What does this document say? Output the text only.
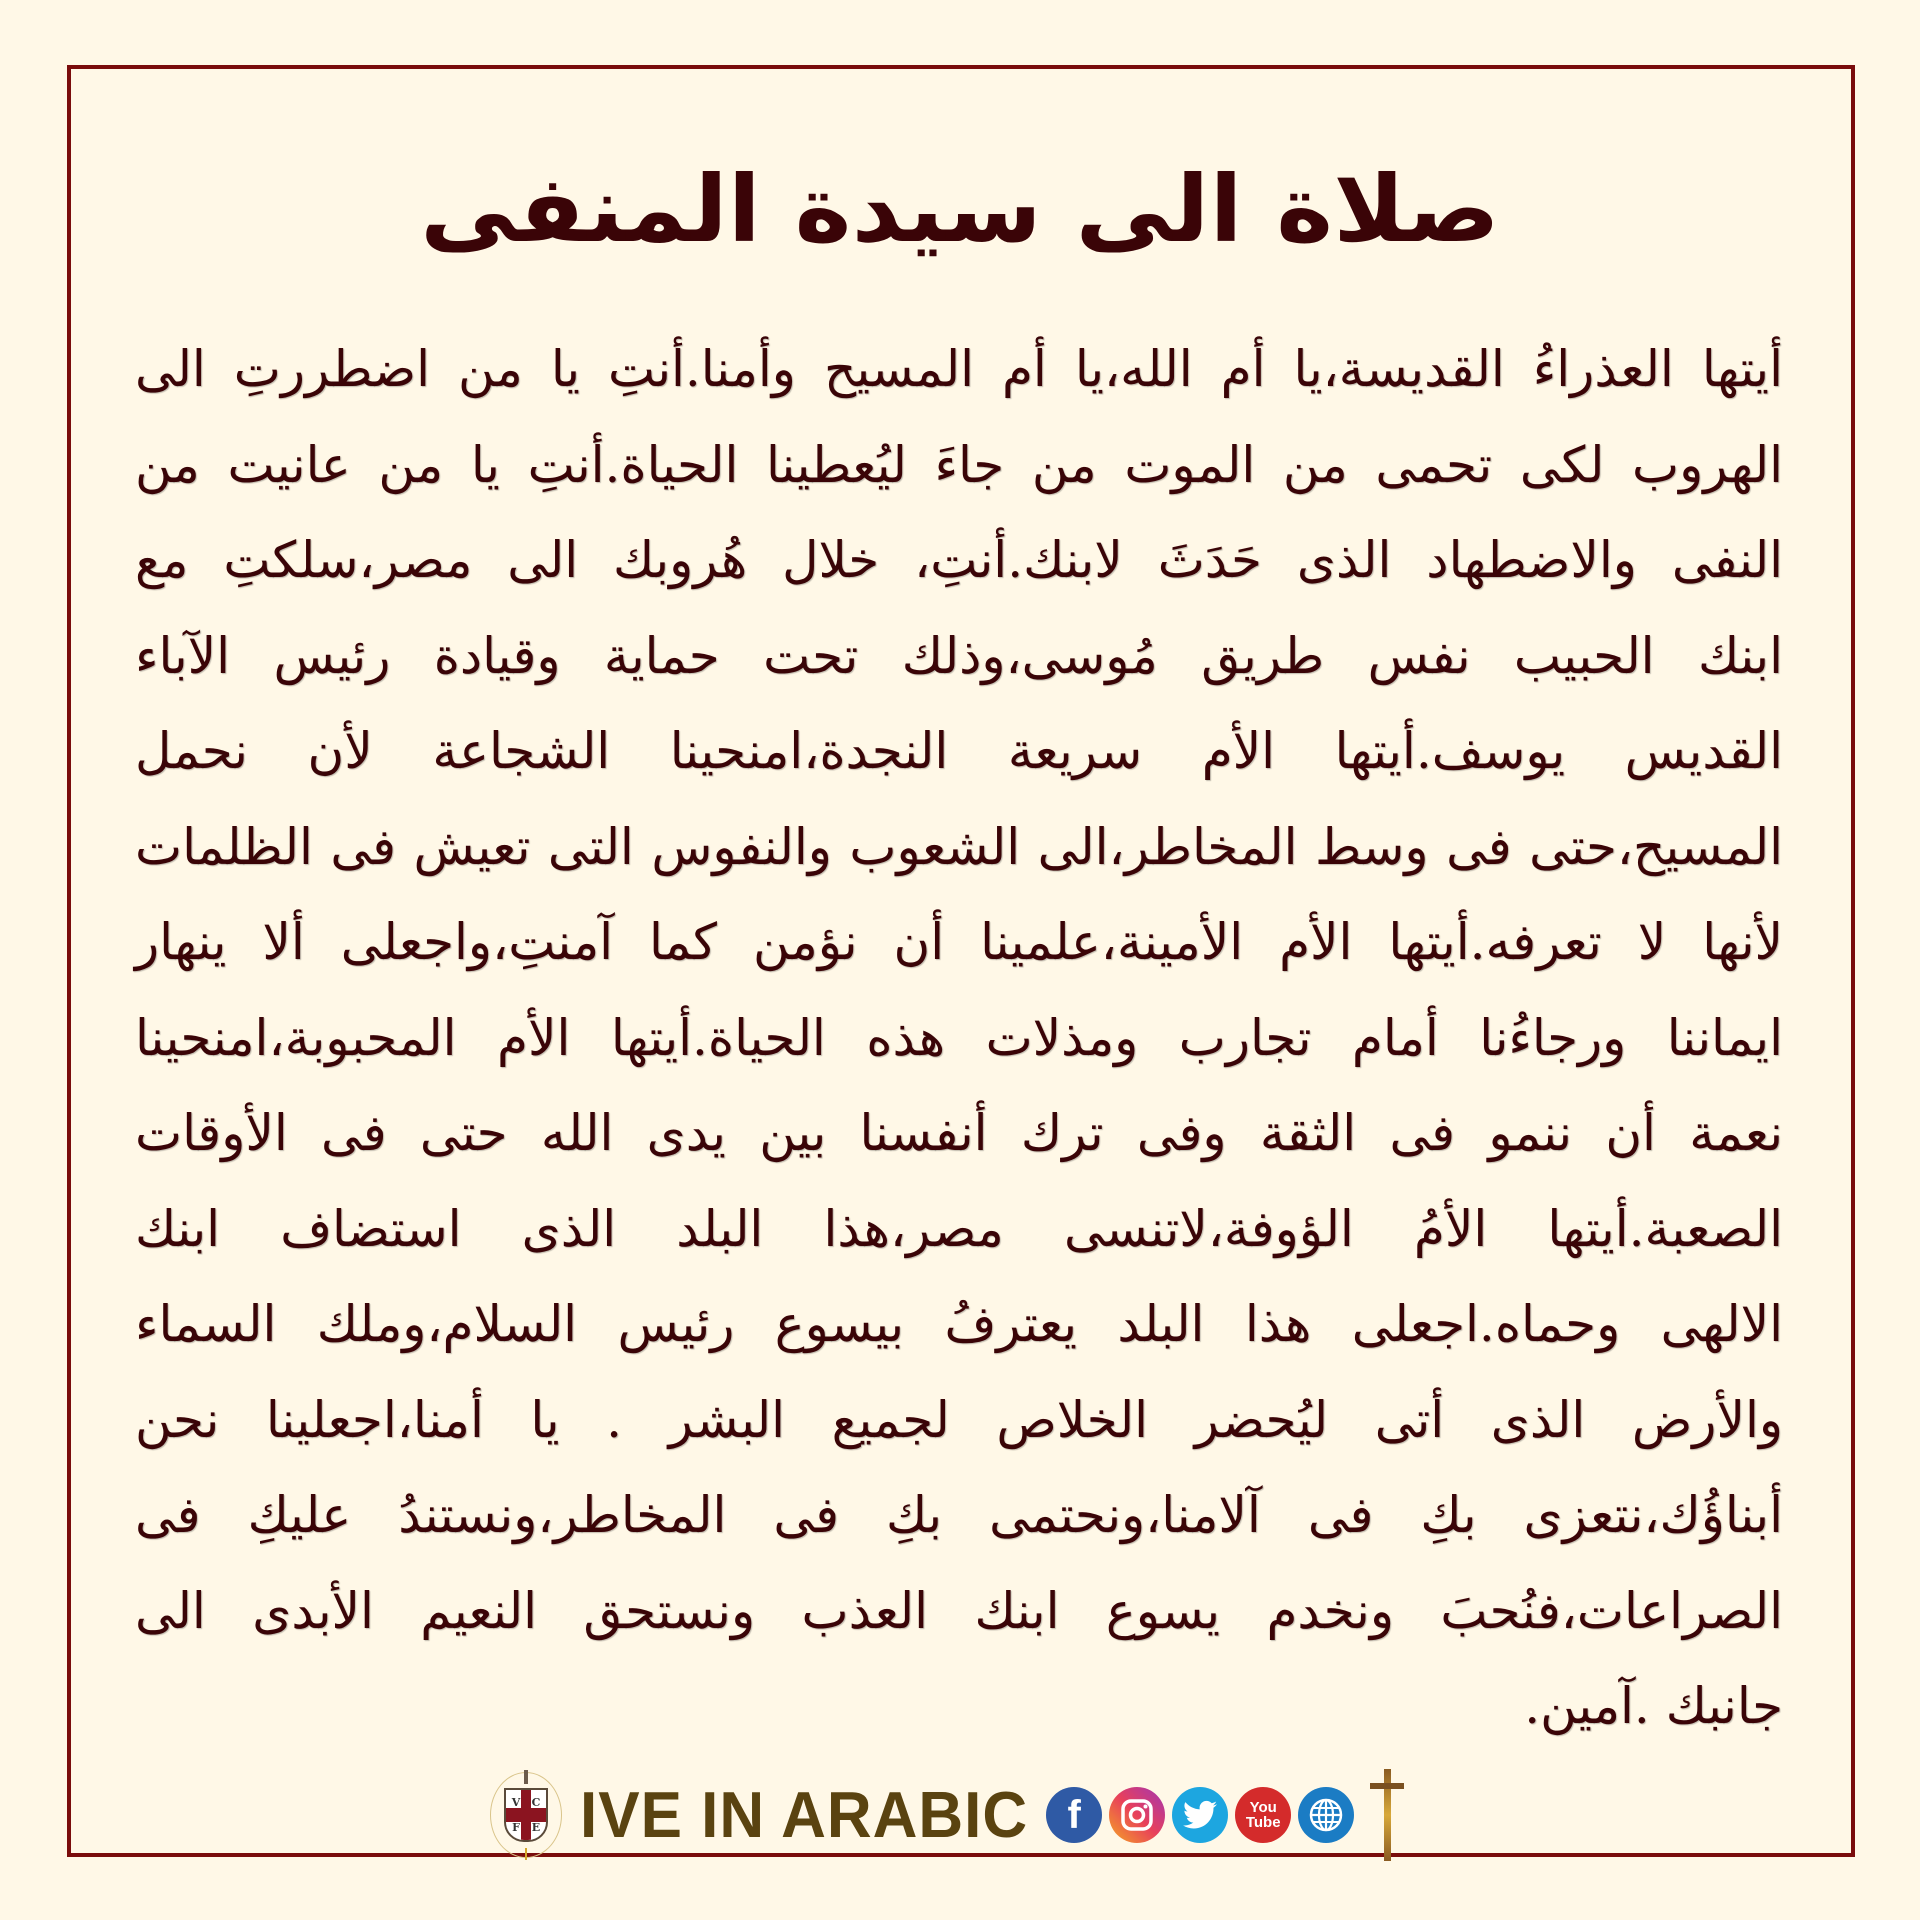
صلاة الى سيدة المنفى
أيتها العذراءُ القديسة،يا أم الله،يا أم المسيح وأمنا.أنتِ يا من اضطررتِ الى
الهروب لكى تحمى من الموت من جاءَ ليُعطينا الحياة.أنتِ يا من عانيت من
النفى والاضطهاد الذى حَدَثَ لابنك.أنتِ، خلال هُروبك الى مصر،سلكتِ مع
ابنك الحبيب نفس طريق مُوسى،وذلك تحت حماية وقيادة رئيس الآباء
القديس يوسف.أيتها الأم سريعة النجدة،امنحينا الشجاعة لأن نحمل
المسيح،حتى فى وسط المخاطر،الى الشعوب والنفوس التى تعيش فى الظلمات
لأنها لا تعرفه.أيتها الأم الأمينة،علمينا أن نؤمن كما آمنتِ،واجعلى ألا ينهار
ايماننا ورجاءُنا أمام تجارب ومذلات هذه الحياة.أيتها الأم المحبوبة،امنحينا
نعمة أن ننمو فى الثقة وفى ترك أنفسنا بين يدى الله حتى فى الأوقات
الصعبة.أيتها الأمُ الؤوفة،لاتنسى مصر،هذا البلد الذى استضاف ابنك
الالهى وحماه.اجعلى هذا البلد يعترفُ بيسوع رئيس السلام،وملك السماء
والأرض الذى أتى ليُحضر الخلاص لجميع البشر . يا أمنا،اجعلينا نحن
أبناؤُك،نتعزى بكِ فى آلامنا،ونحتمى بكِ فى المخاطر،ونستندُ عليكِ فى
الصراعات،فنُحبَ ونخدم يسوع ابنك العذب ونستحق النعيم الأبدى الى
جانبك .آمين.
V	C
F	E IVE IN ARABIC f	You
Tube
